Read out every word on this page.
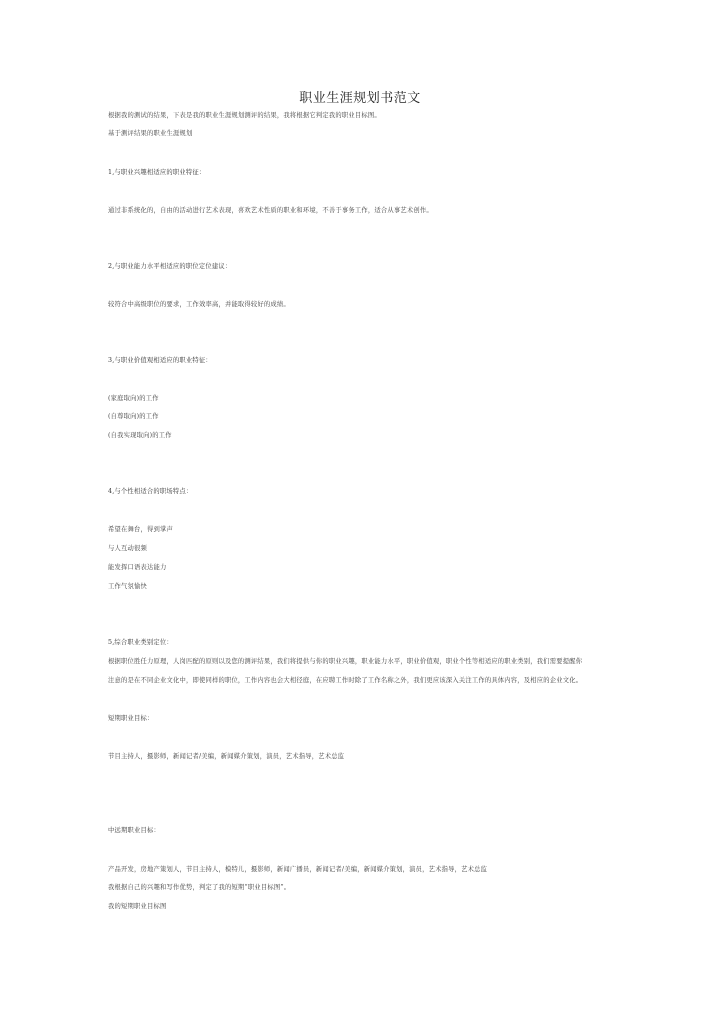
职业生涯规划书范文
根据我的测试的结果，下表是我的职业生涯规划测评的结果，我将根据它判定我的职业目标图。
基于测评结果的职业生涯规划
1,与职业兴趣相适应的职业特征：
通过非系统化的，自由的活动进行艺术表现，喜欢艺术性质的职业和环境，不善于事务工作，适合从事艺术创作。
2,与职业能力水平相适应的职位定位建议：
较符合中高级职位的要求，工作效率高，并能取得较好的成绩。
3,与职业价值观相适应的职业特征：
(家庭取向)的工作
(自尊取向)的工作
(自我实现取向)的工作
4,与个性相适合的职场特点：
希望在舞台，得到掌声
与人互动很频
能发挥口语表达能力
工作气氛愉快
5,综合职业类别定位：
根据职位胜任力原理，人岗匹配的原则以及您的测评结果，我们将提供与你的职业兴趣，职业能力水平，职业价值观，职业个性等相适应的职业类别，我们需要提醒你
注意的是在不同企业文化中，即使同样的职位，工作内容也会大相径庭，在应聘工作时除了工作名称之外，我们更应该深入关注工作的具体内容，及相应的企业文化。
短期职业目标：
节目主持人，摄影师，新闻记者/美编，新闻媒介策划，演员，艺术指导，艺术总监
中远期职业目标：
产品开发，房地产策划人，节目主持人，模特儿，摄影师，新闻广播员，新闻记者/美编，新闻媒介策划，演员，艺术指导，艺术总监
我根据自己的兴趣和写作优势，判定了我的短期“职业目标图”。
我的短期职业目标图
